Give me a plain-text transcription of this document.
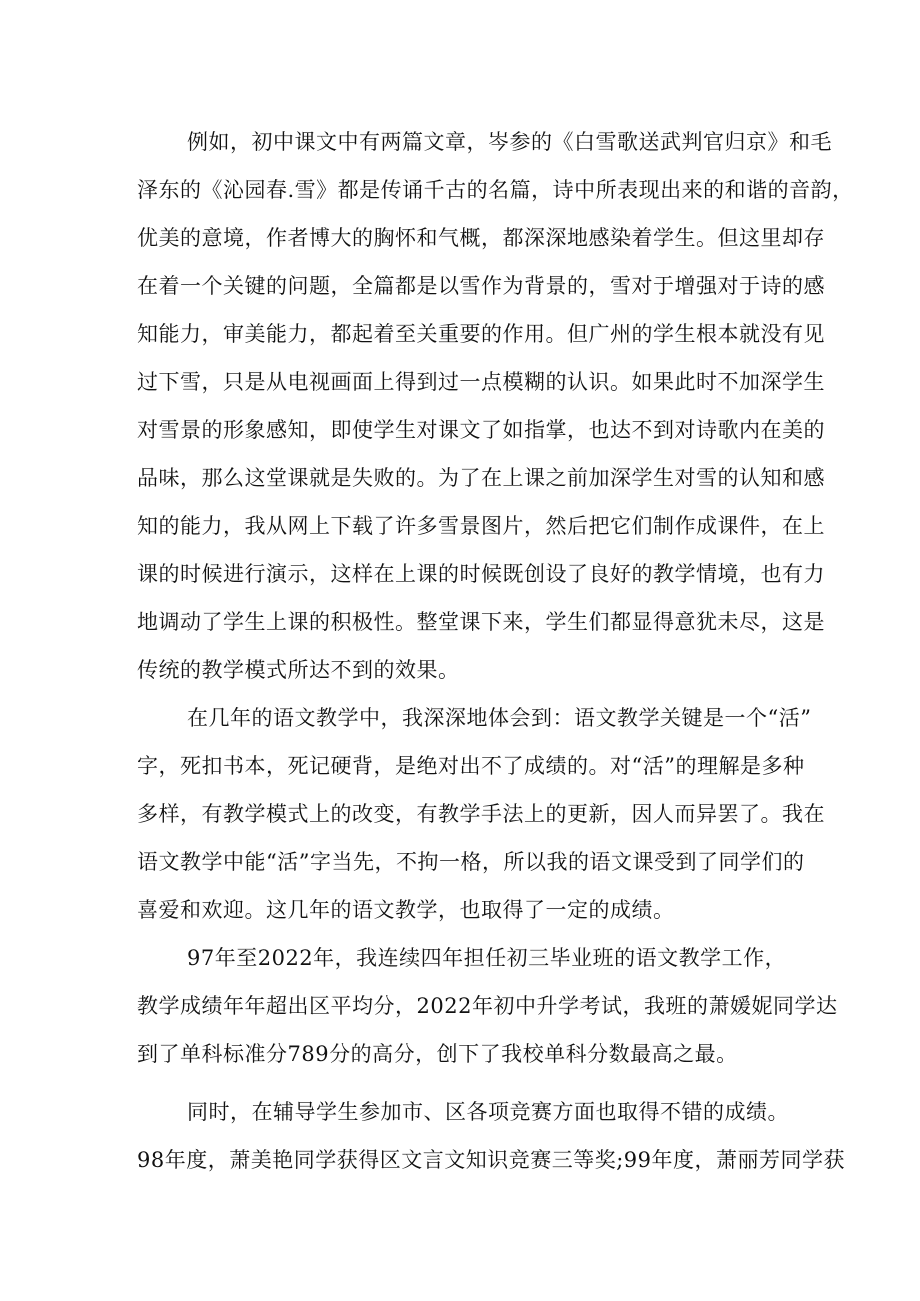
例如，初中课文中有两篇文章，岑参的《白雪歌送武判官归京》和毛
泽东的《沁园春.雪》都是传诵千古的名篇，诗中所表现出来的和谐的音韵，
优美的意境，作者博大的胸怀和气概，都深深地感染着学生。但这里却存
在着一个关键的问题，全篇都是以雪作为背景的，雪对于增强对于诗的感
知能力，审美能力，都起着至关重要的作用。但广州的学生根本就没有见
过下雪，只是从电视画面上得到过一点模糊的认识。如果此时不加深学生
对雪景的形象感知，即使学生对课文了如指掌，也达不到对诗歌内在美的
品味，那么这堂课就是失败的。为了在上课之前加深学生对雪的认知和感
知的能力，我从网上下载了许多雪景图片，然后把它们制作成课件，在上
课的时候进行演示，这样在上课的时候既创设了良好的教学情境，也有力
地调动了学生上课的积极性。整堂课下来，学生们都显得意犹未尽，这是
传统的教学模式所达不到的效果。
在几年的语文教学中，我深深地体会到：语文教学关键是一个“活”
字，死扣书本，死记硬背，是绝对出不了成绩的。对“活”的理解是多种
多样，有教学模式上的改变，有教学手法上的更新，因人而异罢了。我在
语文教学中能“活”字当先，不拘一格，所以我的语文课受到了同学们的
喜爱和欢迎。这几年的语文教学，也取得了一定的成绩。
97年至2022年，我连续四年担任初三毕业班的语文教学工作，
教学成绩年年超出区平均分，2022年初中升学考试，我班的萧媛妮同学达
到了单科标准分789分的高分，创下了我校单科分数最高之最。
同时，在辅导学生参加市、区各项竞赛方面也取得不错的成绩。
98年度，萧美艳同学获得区文言文知识竞赛三等奖;99年度，萧丽芳同学获
